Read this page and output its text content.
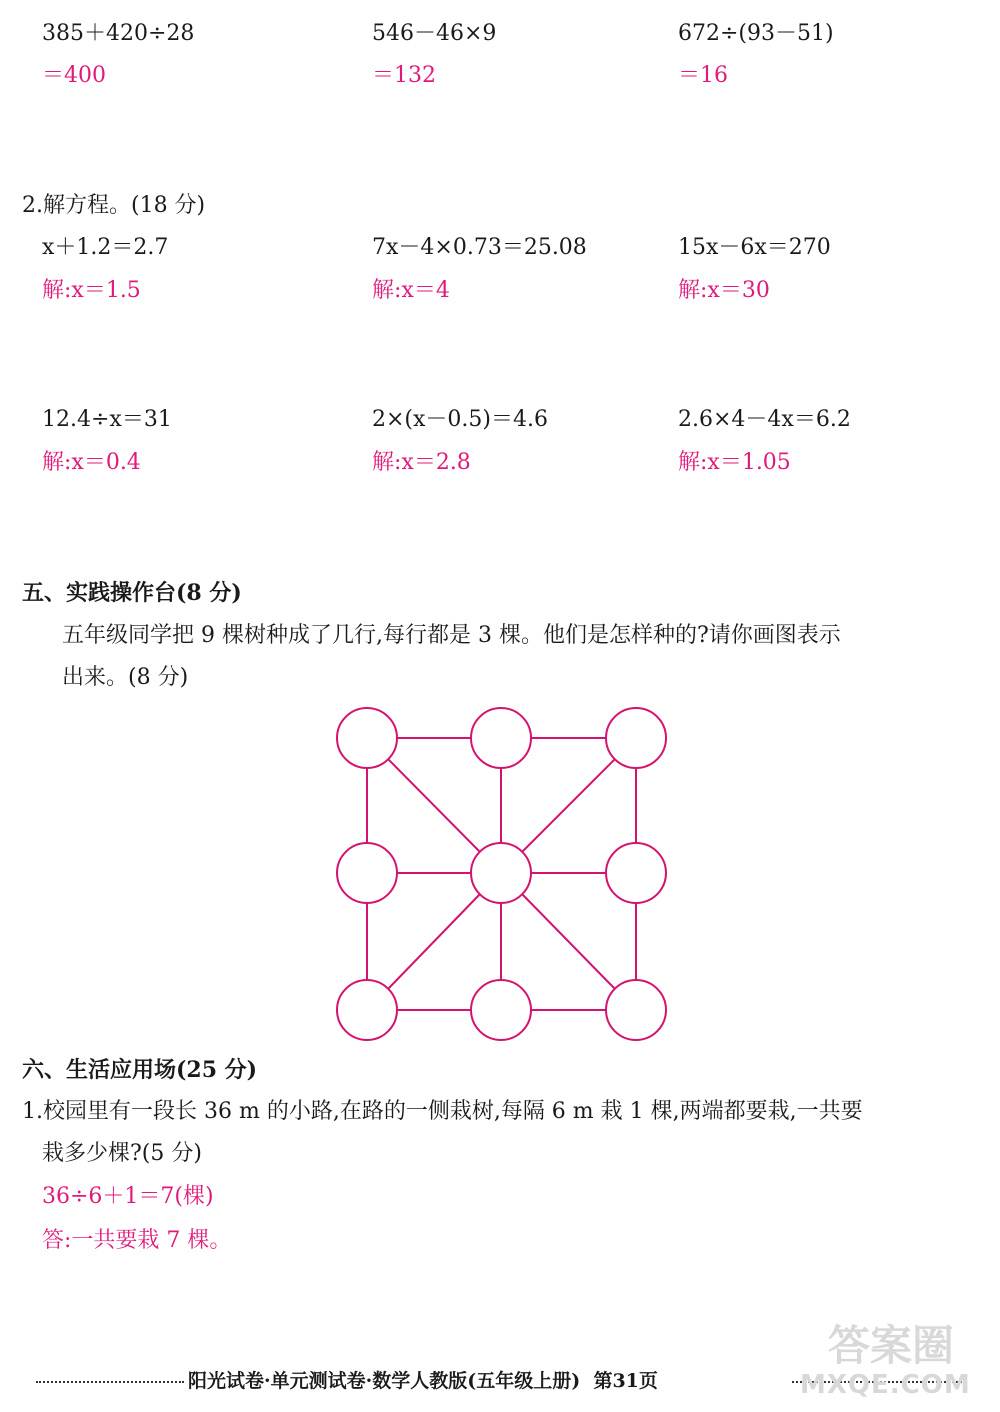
385＋420÷28
＝400
546－46×9
＝132
672÷(93－51)
＝16
2.解方程。(18 分)
x＋1.2＝2.7
解:x＝1.5
7x－4×0.73＝25.08
解:x＝4
15x－6x＝270
解:x＝30
12.4÷x＝31
解:x＝0.4
2×(x－0.5)＝4.6
解:x＝2.8
2.6×4－4x＝6.2
解:x＝1.05
五、实践操作台(8 分)
五年级同学把 9 棵树种成了几行,每行都是 3 棵。他们是怎样种的?请你画图表示
出来。(8 分)
六、生活应用场(25 分)
1.校园里有一段长 36 m 的小路,在路的一侧栽树,每隔 6 m 栽 1 棵,两端都要栽,一共要
栽多少棵?(5 分)
36÷6＋1＝7(棵)
答:一共要栽 7 棵。
阳光试卷·单元测试卷·数学人教版(五年级上册) 第31页
答案圈
MXQE.COM
